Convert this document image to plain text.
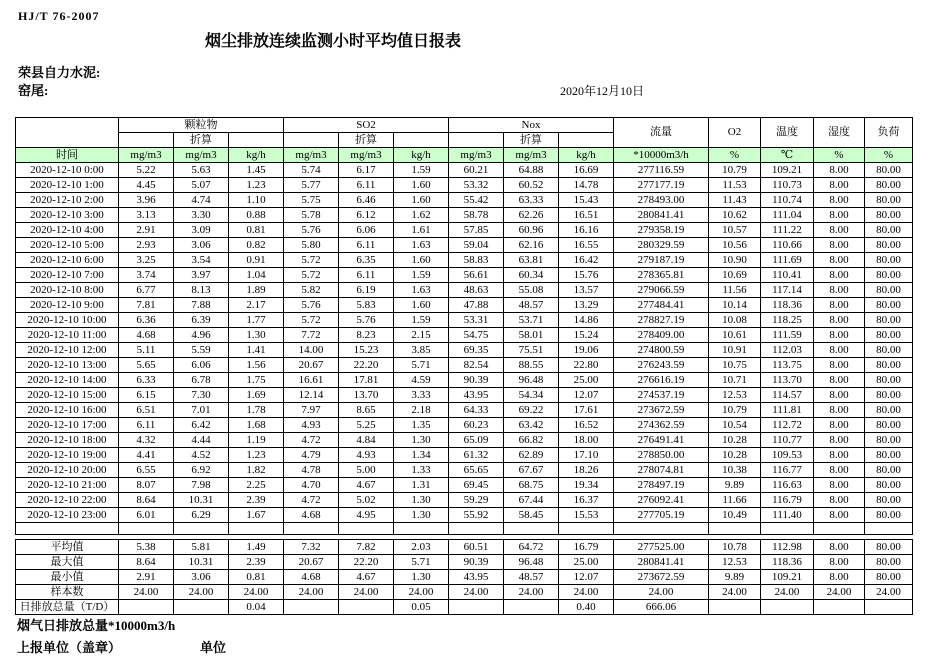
HJ/T 76-2007
烟尘排放连续监测小时平均值日报表
荣县自力水泥:
窑尾:	2020年12月10日
	颗粒物			SO2			Nox			流量	O2	温度	湿度	负荷
		折算			折算			折算						
时间	mg/m3	mg/m3	kg/h	mg/m3	mg/m3	kg/h	mg/m3	mg/m3	kg/h	*10000m3/h	%	℃	%	%
2020-12-10 0:00	5.22	5.63	1.45	5.74	6.17	1.59	60.21	64.88	16.69	277116.59	10.79	109.21	8.00	80.00
2020-12-10 1:00	4.45	5.07	1.23	5.77	6.11	1.60	53.32	60.52	14.78	277177.19	11.53	110.73	8.00	80.00
2020-12-10 2:00	3.96	4.74	1.10	5.75	6.46	1.60	55.42	63.33	15.43	278493.00	11.43	110.74	8.00	80.00
2020-12-10 3:00	3.13	3.30	0.88	5.78	6.12	1.62	58.78	62.26	16.51	280841.41	10.62	111.04	8.00	80.00
2020-12-10 4:00	2.91	3.09	0.81	5.76	6.06	1.61	57.85	60.96	16.16	279358.19	10.57	111.22	8.00	80.00
2020-12-10 5:00	2.93	3.06	0.82	5.80	6.11	1.63	59.04	62.16	16.55	280329.59	10.56	110.66	8.00	80.00
2020-12-10 6:00	3.25	3.54	0.91	5.72	6.35	1.60	58.83	63.81	16.42	279187.19	10.90	111.69	8.00	80.00
2020-12-10 7:00	3.74	3.97	1.04	5.72	6.11	1.59	56.61	60.34	15.76	278365.81	10.69	110.41	8.00	80.00
2020-12-10 8:00	6.77	8.13	1.89	5.82	6.19	1.63	48.63	55.08	13.57	279066.59	11.56	117.14	8.00	80.00
2020-12-10 9:00	7.81	7.88	2.17	5.76	5.83	1.60	47.88	48.57	13.29	277484.41	10.14	118.36	8.00	80.00
2020-12-10 10:00	6.36	6.39	1.77	5.72	5.76	1.59	53.31	53.71	14.86	278827.19	10.08	118.25	8.00	80.00
2020-12-10 11:00	4.68	4.96	1.30	7.72	8.23	2.15	54.75	58.01	15.24	278409.00	10.61	111.59	8.00	80.00
2020-12-10 12:00	5.11	5.59	1.41	14.00	15.23	3.85	69.35	75.51	19.06	274800.59	10.91	112.03	8.00	80.00
2020-12-10 13:00	5.65	6.06	1.56	20.67	22.20	5.71	82.54	88.55	22.80	276243.59	10.75	113.75	8.00	80.00
2020-12-10 14:00	6.33	6.78	1.75	16.61	17.81	4.59	90.39	96.48	25.00	276616.19	10.71	113.70	8.00	80.00
2020-12-10 15:00	6.15	7.30	1.69	12.14	13.70	3.33	43.95	54.34	12.07	274537.19	12.53	114.57	8.00	80.00
2020-12-10 16:00	6.51	7.01	1.78	7.97	8.65	2.18	64.33	69.22	17.61	273672.59	10.79	111.81	8.00	80.00
2020-12-10 17:00	6.11	6.42	1.68	4.93	5.25	1.35	60.23	63.42	16.52	274362.59	10.54	112.72	8.00	80.00
2020-12-10 18:00	4.32	4.44	1.19	4.72	4.84	1.30	65.09	66.82	18.00	276491.41	10.28	110.77	8.00	80.00
2020-12-10 19:00	4.41	4.52	1.23	4.79	4.93	1.34	61.32	62.89	17.10	278850.00	10.28	109.53	8.00	80.00
2020-12-10 20:00	6.55	6.92	1.82	4.78	5.00	1.33	65.65	67.67	18.26	278074.81	10.38	116.77	8.00	80.00
2020-12-10 21:00	8.07	7.98	2.25	4.70	4.67	1.31	69.45	68.75	19.34	278497.19	9.89	116.63	8.00	80.00
2020-12-10 22:00	8.64	10.31	2.39	4.72	5.02	1.30	59.29	67.44	16.37	276092.41	11.66	116.79	8.00	80.00
2020-12-10 23:00	6.01	6.29	1.67	4.68	4.95	1.30	55.92	58.45	15.53	277705.19	10.49	111.40	8.00	80.00

平均值	5.38	5.81	1.49	7.32	7.82	2.03	60.51	64.72	16.79	277525.00	10.78	112.98	8.00	80.00
最大值	8.64	10.31	2.39	20.67	22.20	5.71	90.39	96.48	25.00	280841.41	12.53	118.36	8.00	80.00
最小值	2.91	3.06	0.81	4.68	4.67	1.30	43.95	48.57	12.07	273672.59	9.89	109.21	8.00	80.00
样本数	24.00	24.00	24.00	24.00	24.00	24.00	24.00	24.00	24.00	24.00	24.00	24.00	24.00	24.00
日排放总量（T/D）			0.04			0.05			0.40	666.06				
烟气日排放总量*10000m3/h
上报单位（盖章）	单位
